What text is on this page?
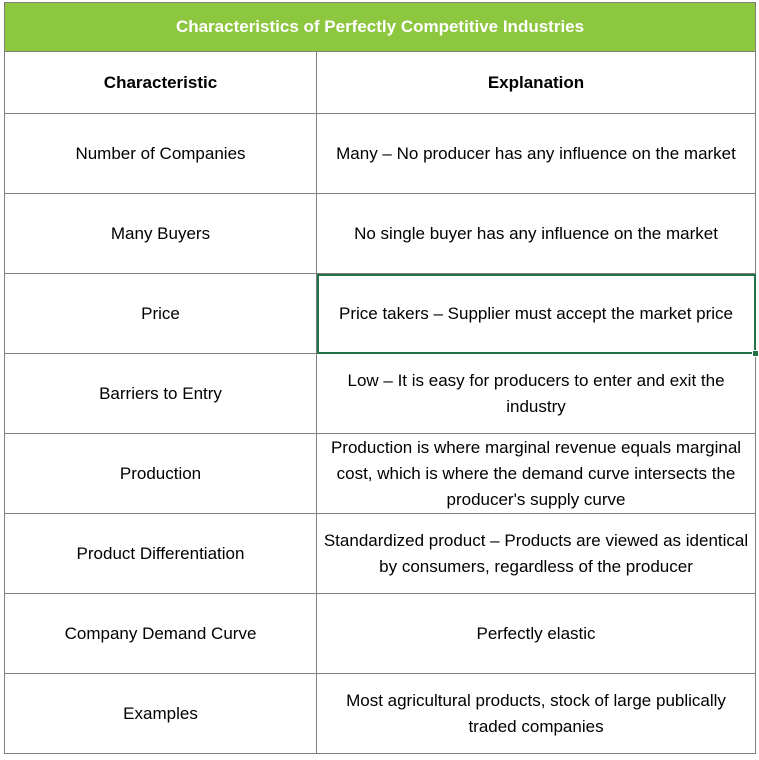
Characteristics of Perfectly Competitive Industries	
Characteristic	Explanation
Number of Companies	Many – No producer has any influence on the market
Many Buyers	No single buyer has any influence on the market
Price	Price takers – Supplier must accept the market price

Barriers to Entry	Low – It is easy for producers to enter and exit the industry
Production	Production is where marginal revenue equals marginal cost, which is where the demand curve intersects the producer's supply curve
Product Differentiation	Standardized product – Products are viewed as identical by consumers, regardless of the producer
Company Demand Curve	Perfectly elastic
Examples	Most agricultural products, stock of large publically traded companies
